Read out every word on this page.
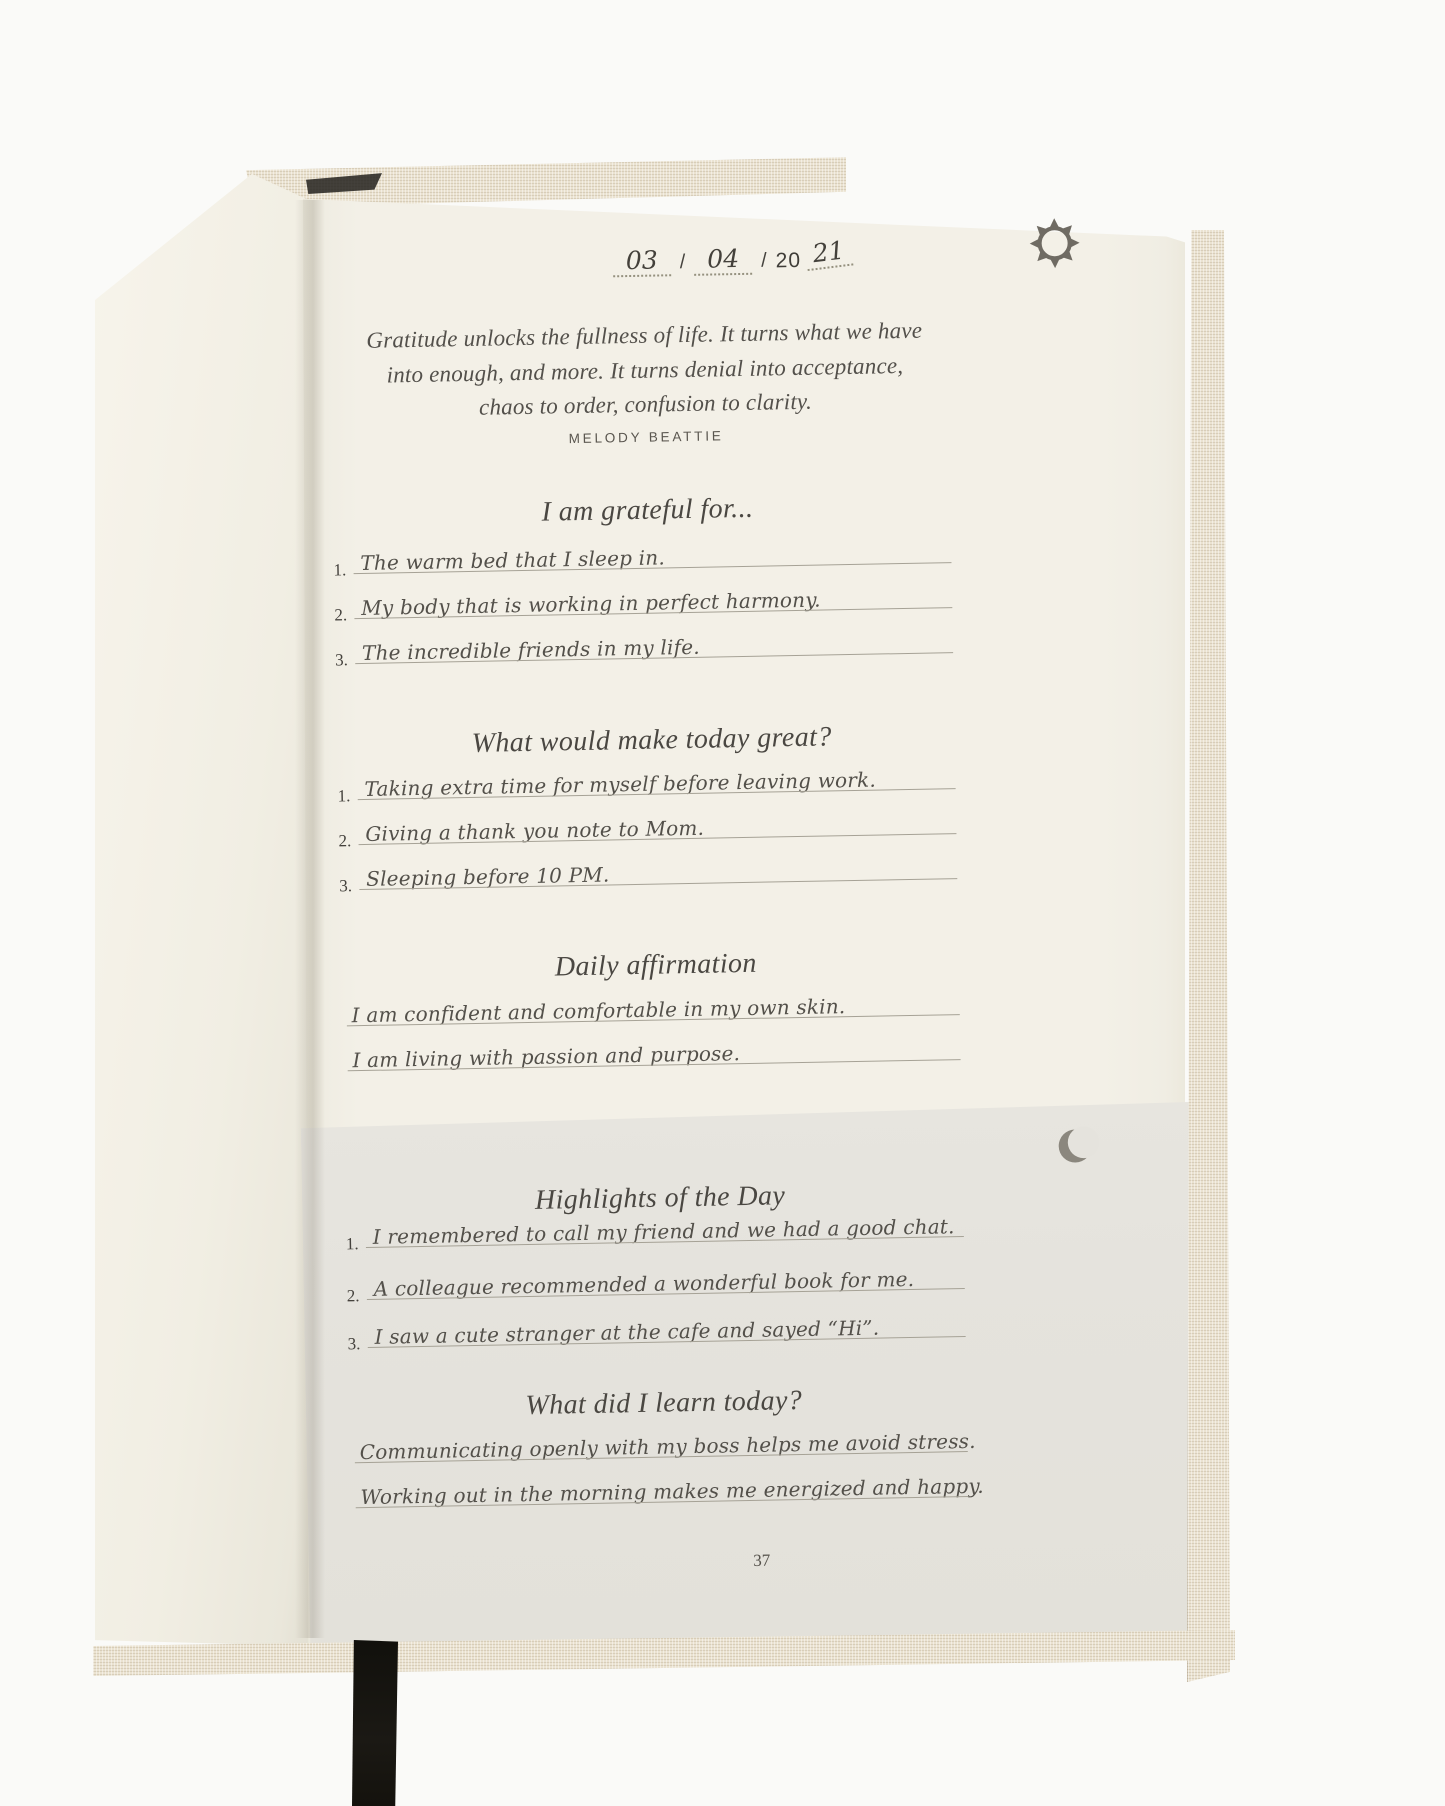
03	/ 04	/ 20 21
Gratitude unlocks the fullness of life. It turns what we have
into enough, and more. It turns denial into acceptance,
chaos to order, confusion to clarity.
MELODY BEATTIE
I am grateful for...
1. The warm bed that I sleep in.
2. My body that is working in perfect harmony.
3. The incredible friends in my life.
What would make today great?
1. Taking extra time for myself before leaving work.
2. Giving a thank you note to Mom.
3. Sleeping before 10 PM.
Daily affirmation
I am confident and comfortable in my own skin.
I am living with passion and purpose.
Highlights of the Day
1. I remembered to call my friend and we had a good chat.
2. A colleague recommended a wonderful book for me.
3. I saw a cute stranger at the cafe and sayed “Hi”.
What did I learn today?
Communicating openly with my boss helps me avoid stress.
Working out in the morning makes me energized and happy.
37
